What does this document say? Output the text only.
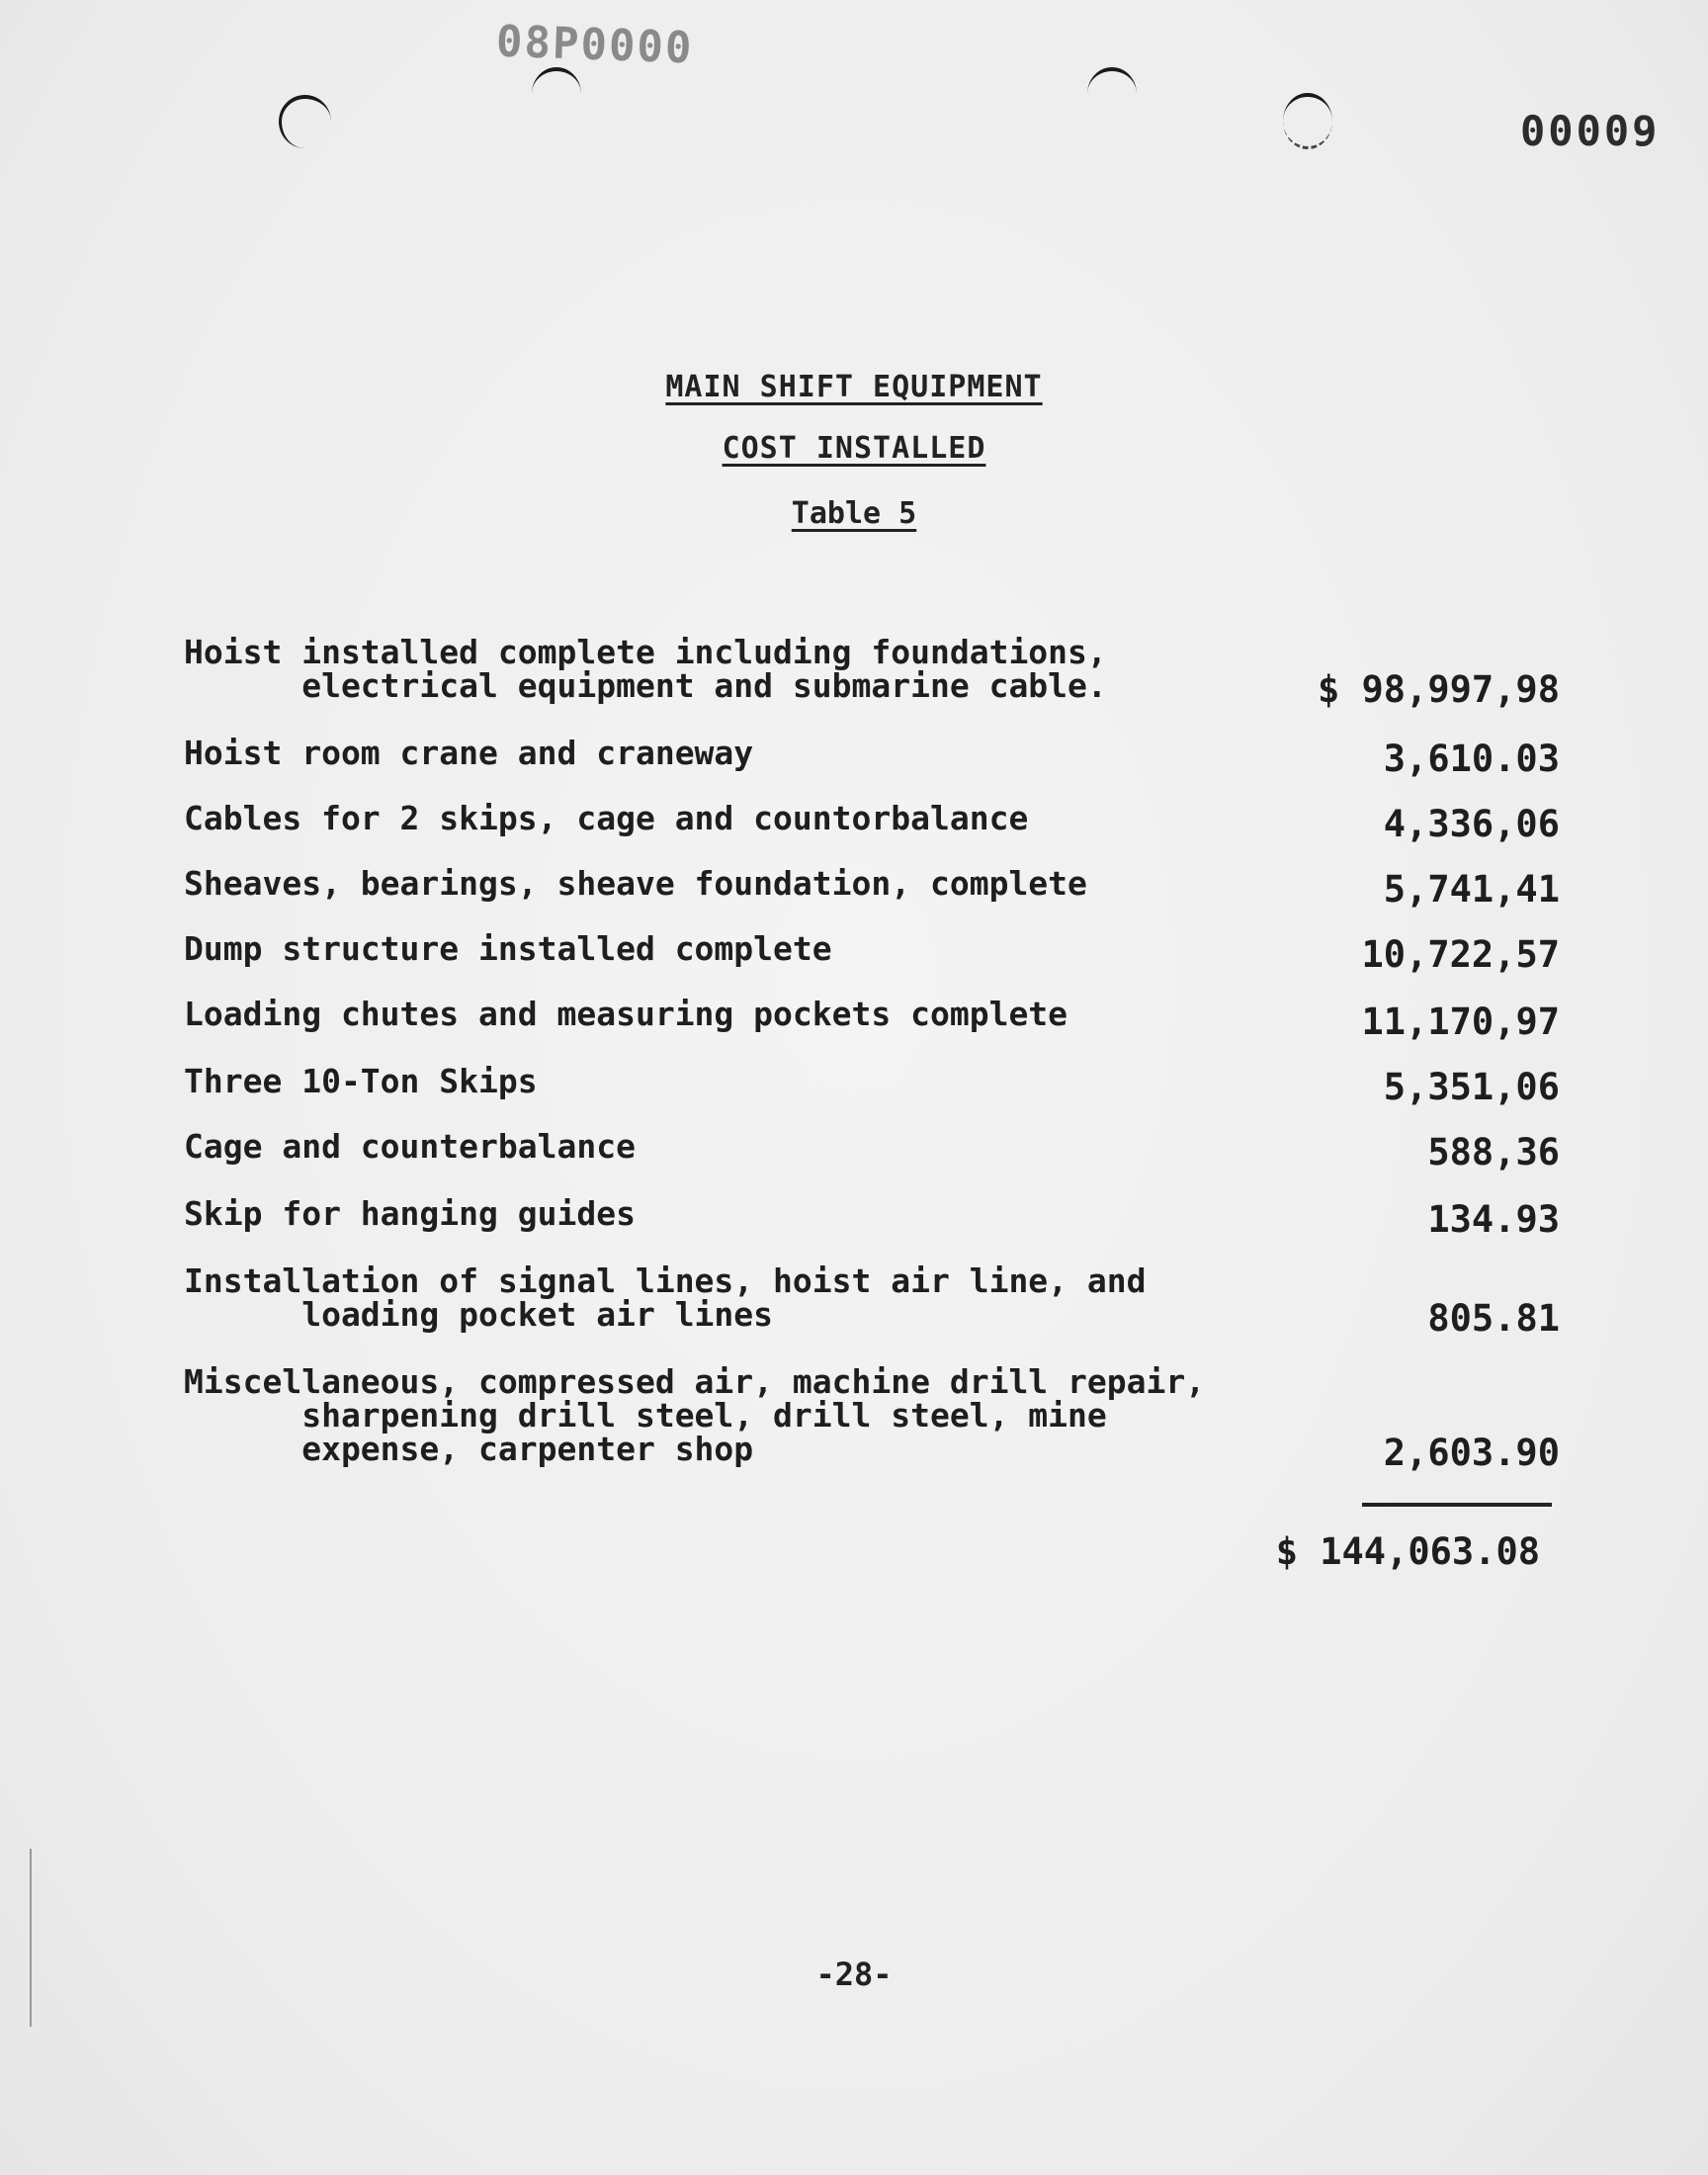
08P0000
00009
MAIN SHIFT EQUIPMENT
COST INSTALLED
Table 5
Hoist installed complete including foundations,
electrical equipment and submarine cable.	$ 98,997,98
Hoist room crane and craneway	3,610.03
Cables for 2 skips, cage and countorbalance	4,336,06
Sheaves, bearings, sheave foundation, complete	5,741,41
Dump structure installed complete	10,722,57
Loading chutes and measuring pockets complete	11,170,97
Three 10-Ton Skips	5,351,06
Cage and counterbalance	588,36
Skip for hanging guides	134.93
Installation of signal lines, hoist air line, and
loading pocket air lines	805.81
Miscellaneous, compressed air, machine drill repair,
sharpening drill steel, drill steel, mine
expense, carpenter shop	2,603.90
$ 144,063.08
-28-
